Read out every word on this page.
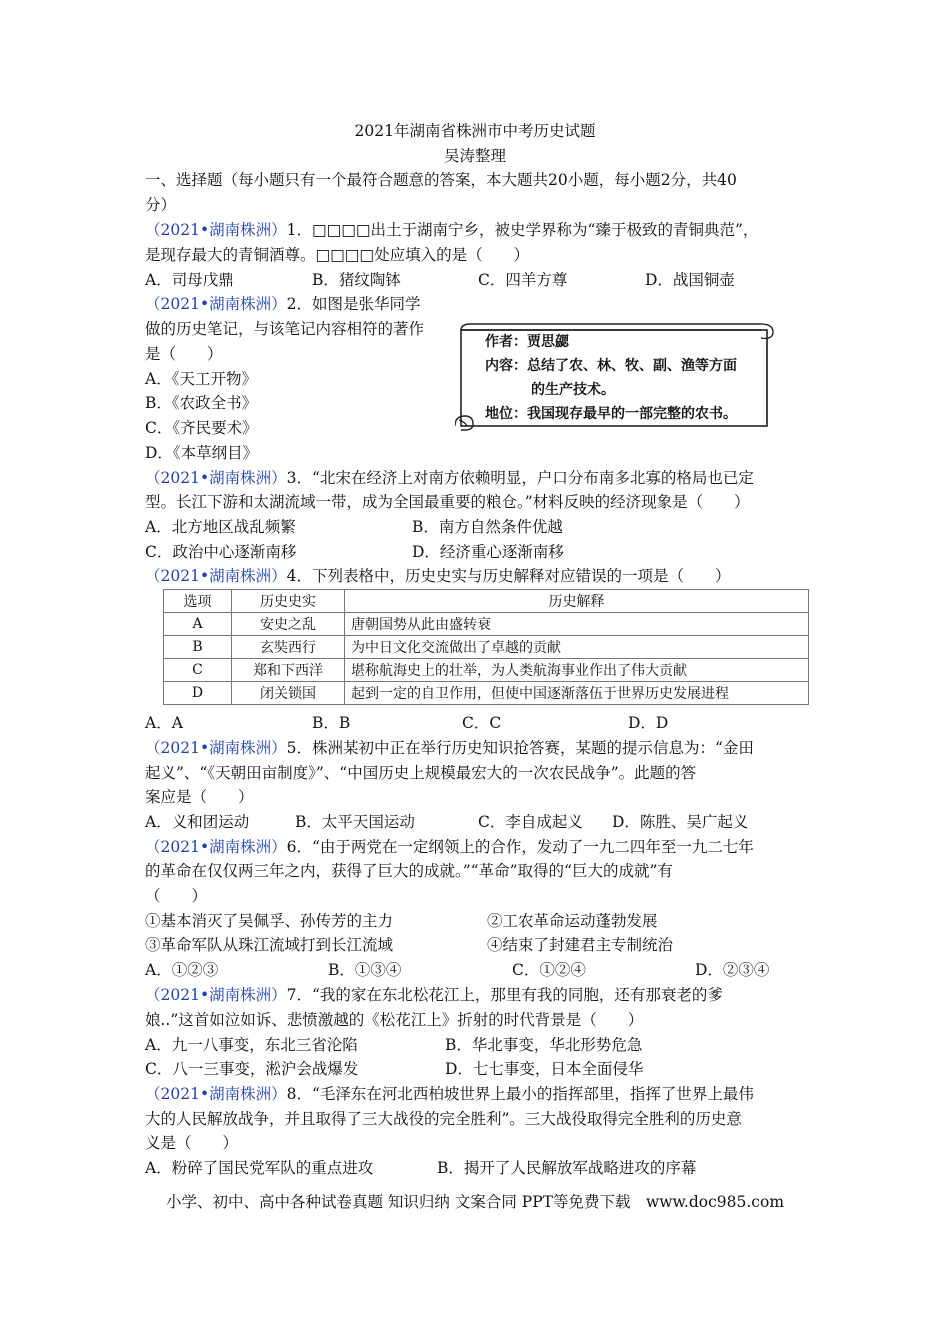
2021年湖南省株洲市中考历史试题
吴涛整理
一、选择题（每小题只有一个最符合题意的答案，本大题共20小题，每小题2分，共40
分）
（2021•湖南株洲）1．□□□□出土于湖南宁乡，被史学界称为“臻于极致的青铜典范”，
是现存最大的青铜酒尊。□□□□处应填入的是（　　）
A．司母戊鼎	B．猪纹陶钵	C．四羊方尊	D．战国铜壶
（2021•湖南株洲）2．如图是张华同学
做的历史笔记，与该笔记内容相符的著作
是（　　）
A．《天工开物》
B．《农政全书》
C．《齐民要术》
D．《本草纲目》
作者：贾思勰
内容：总结了农、林、牧、副、渔等方面
的生产技术。
地位：我国现存最早的一部完整的农书。
（2021•湖南株洲）3．“北宋在经济上对南方依赖明显，户口分布南多北寡的格局也已定
型。长江下游和太湖流域一带，成为全国最重要的粮仓。”材料反映的经济现象是（　　）
A．北方地区战乱频繁	B．南方自然条件优越
C．政治中心逐渐南移	D．经济重心逐渐南移
（2021•湖南株洲）4．下列表格中，历史史实与历史解释对应错误的一项是（　　）
选项	历史史实	历史解释
A	安史之乱	唐朝国势从此由盛转衰
B	玄奘西行	为中日文化交流做出了卓越的贡献
C	郑和下西洋	堪称航海史上的壮举，为人类航海事业作出了伟大贡献
D	闭关锁国	起到一定的自卫作用，但使中国逐渐落伍于世界历史发展进程
A．A	B．B	C．C	D．D
（2021•湖南株洲）5．株洲某初中正在举行历史知识抢答赛，某题的提示信息为：“金田
起义”、“《天朝田亩制度》”、“中国历史上规模最宏大的一次农民战争”。此题的答
案应是（　　）
A．义和团运动	B．太平天国运动	C．李自成起义 D．陈胜、吴广起义
（2021•湖南株洲）6．“由于两党在一定纲领上的合作，发动了一九二四年至一九二七年
的革命在仅仅两三年之内，获得了巨大的成就。”“革命”取得的“巨大的成就”有
（　　）
①基本消灭了吴佩孚、孙传芳的主力	②工农革命运动蓬勃发展
③革命军队从珠江流域打到长江流域	④结束了封建君主专制统治
A．①②③	B．①③④	C．①②④	D．②③④
（2021•湖南株洲）7．“我的家在东北松花江上，那里有我的同胞，还有那衰老的爹
娘..”这首如泣如诉、悲愤激越的《松花江上》折射的时代背景是（　　）
A．九一八事变，东北三省沦陷	B．华北事变，华北形势危急
C．八一三事变，淞沪会战爆发	D．七七事变，日本全面侵华
（2021•湖南株洲）8．“毛泽东在河北西柏坡世界上最小的指挥部里，指挥了世界上最伟
大的人民解放战争，并且取得了三大战役的完全胜利”。三大战役取得完全胜利的历史意
义是（　　）
A．粉碎了国民党军队的重点进攻	B．揭开了人民解放军战略进攻的序幕
小学、初中、高中各种试卷真题 知识归纳 文案合同 PPT等免费下载　www.doc985.com
